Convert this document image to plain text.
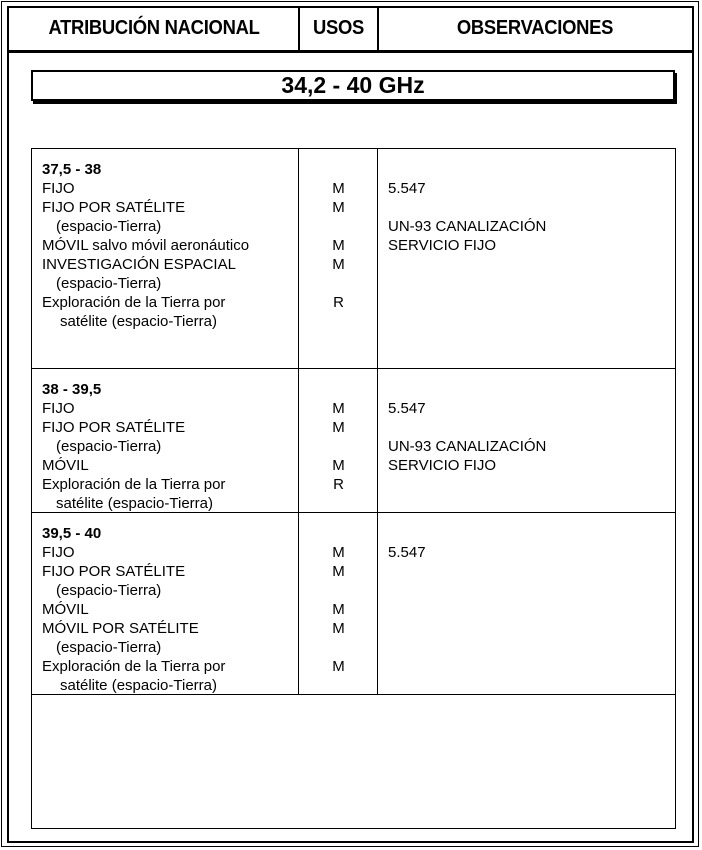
ATRIBUCIÓN NACIONAL	USOS	OBSERVACIONES
34,2 - 40 GHz
37,5 - 38
FIJO
FIJO POR SATÉLITE
(espacio-Tierra)
MÓVIL salvo móvil aeronáutico
INVESTIGACIÓN ESPACIAL
(espacio-Tierra)
Exploración de la Tierra por
satélite (espacio-Tierra)
M
M
M
M
R
5.547
UN-93 CANALIZACIÓN
SERVICIO FIJO
38 - 39,5
FIJO
FIJO POR SATÉLITE
(espacio-Tierra)
MÓVIL
Exploración de la Tierra por
satélite (espacio-Tierra)
M
M
M
R
5.547
UN-93 CANALIZACIÓN
SERVICIO FIJO
39,5 - 40
FIJO
FIJO POR SATÉLITE
(espacio-Tierra)
MÓVIL
MÓVIL POR SATÉLITE
(espacio-Tierra)
Exploración de la Tierra por
satélite (espacio-Tierra)
M
M
M
M
M
5.547
